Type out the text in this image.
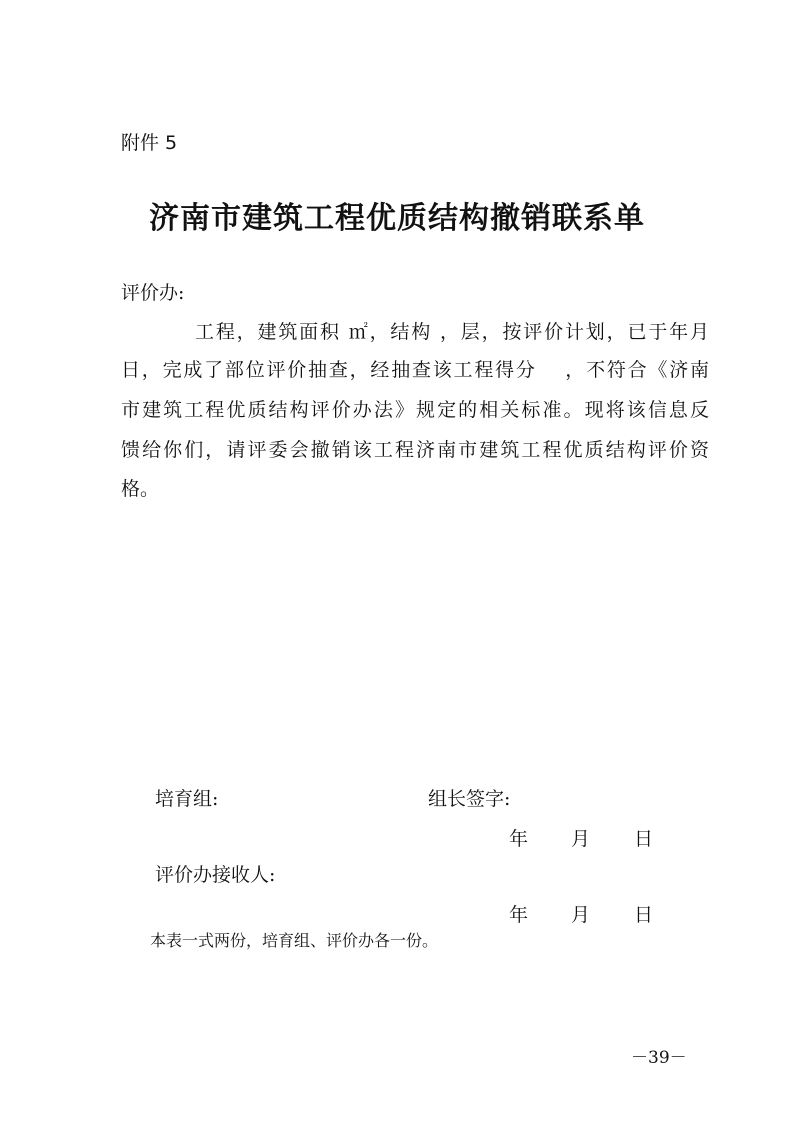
附件 5
济南市建筑工程优质结构撤销联系单
评价办:
工程，建筑面积 ㎡，结构 ，层，按评价计划，已于年月
日，完成了部位评价抽查，经抽查该工程得分　 ，不符合《济南
市建筑工程优质结构评价办法》规定的相关标准。现将该信息反
馈给你们，请评委会撤销该工程济南市建筑工程优质结构评价资
格。
培育组:	组长签字:
年 月 日
评价办接收人:
年 月 日
本表一式两份，培育组、评价办各一份。
－39－
